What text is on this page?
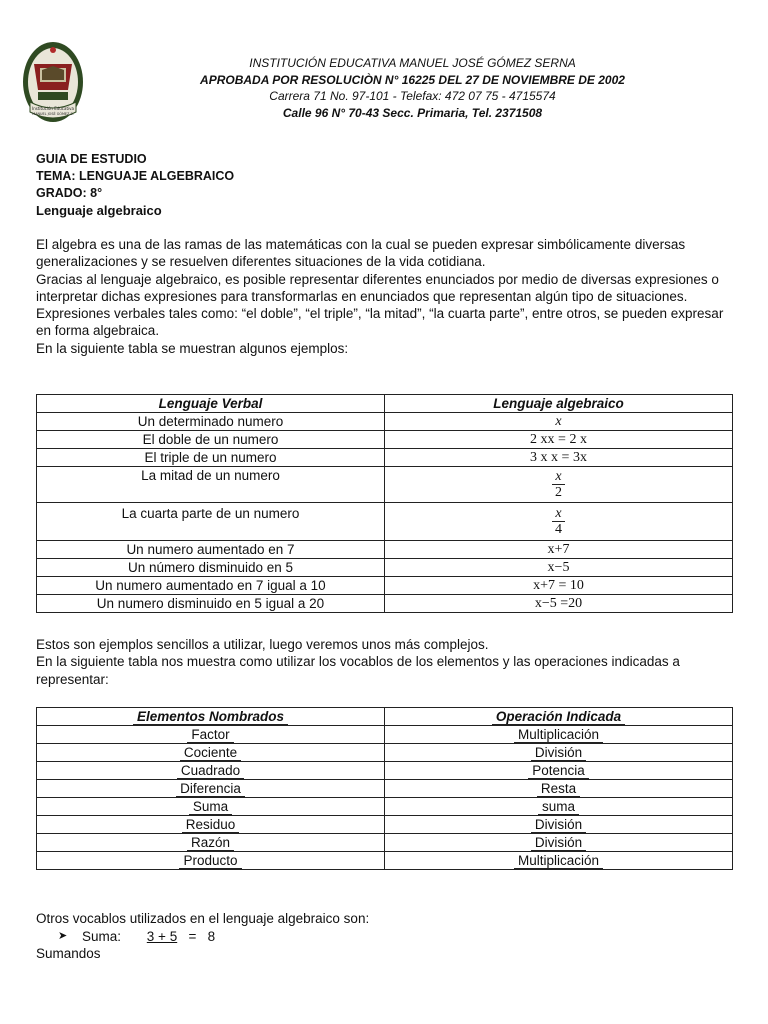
Institución Educativa
MANUEL JOSÉ GÓMEZ S.
INSTITUCIÓN EDUCATIVA MANUEL JOSÉ GÓMEZ SERNA
APROBADA POR RESOLUCIÒN N° 16225 DEL 27 DE NOVIEMBRE DE 2002
Carrera 71 No. 97-101 - Telefax: 472 07 75 - 4715574
Calle 96 N° 70-43 Secc. Primaria, Tel. 2371508
GUIA DE ESTUDIO
TEMA: LENGUAJE ALGEBRAICO
GRADO: 8°
Lenguaje algebraico

El algebra es una de las ramas de las matemáticas con la cual se pueden expresar simbólicamente diversas generalizaciones y se resuelven diferentes situaciones de la vida cotidiana.

Gracias al lenguaje algebraico, es posible representar diferentes enunciados por medio de diversas expresiones o interpretar dichas expresiones para transformarlas en enunciados que representan algún tipo de situaciones.

Expresiones verbales tales como: “el doble”, “el triple”, “la mitad”, “la cuarta parte”, entre otros, se pueden expresar en forma algebraica.

En la siguiente tabla se muestran algunos ejemplos:

Lenguaje Verbal	Lenguaje algebraico
Un determinado numero	x
El doble de un numero	2 xx = 2 x
El triple de un numero	3 x x = 3x
La mitad de un numero	$\frac{x}{2}$

La cuarta parte de un numero	$\frac{x}{4}$

Un numero aumentado en 7	x+7
Un número disminuido en 5	x−5
Un numero aumentado en 7 igual a 10	x+7 = 10
Un numero disminuido en 5 igual a 20	x−5 =20

Estos son ejemplos sencillos a utilizar, luego veremos unos más complejos.

En la siguiente tabla nos muestra como utilizar los vocablos de los elementos y las operaciones indicadas a representar:

Elementos Nombrados	Operación Indicada
Factor	Multiplicación
Cociente	División
Cuadrado	Potencia
Diferencia	Resta
Suma	suma
Residuo	División
Razón	División
Producto	Multiplicación

Otros vocablos utilizados en el lenguaje algebraico son:

➤ Suma: 3 + 5 = 8

Sumandos
